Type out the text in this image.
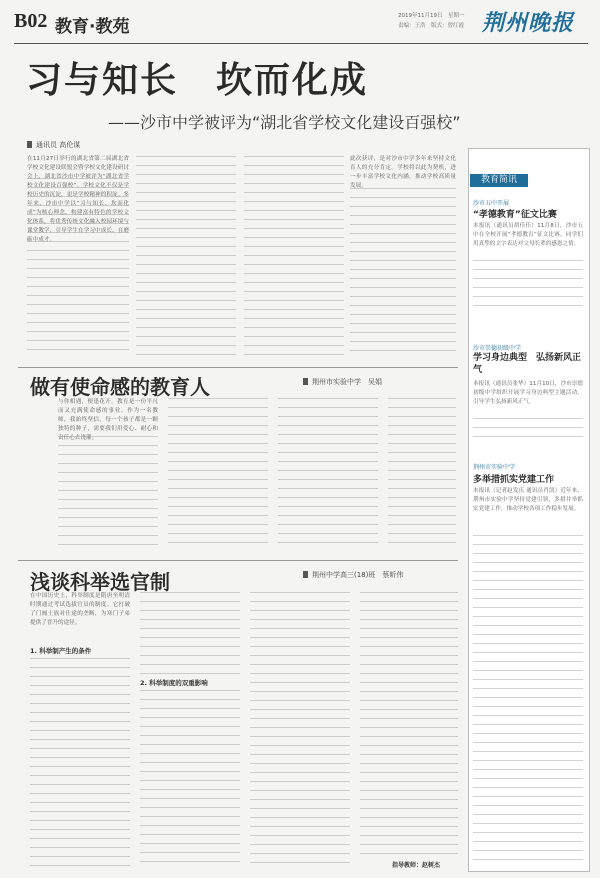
B02 教育·教苑
2019年11月19日　星期一
责编：王浩　版式：曾红霞 荆州晚报
习与知长　坎而化成
——沙市中学被评为“湖北省学校文化建设百强校”
通讯员 高伦谋
在11月27日举行的湖北省第二届湖北省学校文化建设联盟会暨学校文化建设研讨会上，湖北省沙市中学被评为“湖北省学校文化建设百强校”。学校文化不仅是学校历史的沉淀，更是学校精神的积淀。多年来，沙市中学以“习与知长、坎而化成”为核心理念，构建富有特色的学校文化体系，将优秀传统文化融入校园环境与课堂教学，引导学生在学习中成长、在磨砺中成才。
此次获评，是对沙市中学多年来坚持文化育人的充分肯定。学校将以此为契机，进一步丰富学校文化内涵，推动学校高质量发展。
教育简讯
沙市五中开展
“孝德教育”征文比赛
本报讯（通讯员胡佳佳）11月8日，沙市五中在全校开展“孝德教育”征文比赛。同学们用真挚的文字表达对父母长辈的感恩之情。
沙市崇德初级中学
学习身边典型　弘扬新风正气
本报讯（通讯员张华）11月10日，沙市崇德初级中学组织开展学习身边典型主题活动，引导学生弘扬新风正气。
荆州市实验中学
多举措抓实党建工作
本报讯（记者赵发庆 通讯员肖凯）近年来，荆州市实验中学坚持党建引领，多措并举抓实党建工作，推动学校各项工作稳步发展。
做有使命感的教育人	荆州市实验中学　吴娟
与你相遇，便逢花开。教育是一份平凡而又充满使命感的事业。作为一名教师，我始终坚信，每一个孩子都是一颗独特的种子，需要我们用爱心、耐心和责任心去浇灌。
浅谈科举选官制	荆州中学高三(18)班　蔡昕伟
在中国历史上，科举制度是隋唐至明清时期通过考试选拔官员的制度。它打破了门阀士族对仕途的垄断，为寒门子弟提供了晋升的途径。
1. 科举制产生的条件
2. 科举制度的双重影响
指导教师：赵树杰
